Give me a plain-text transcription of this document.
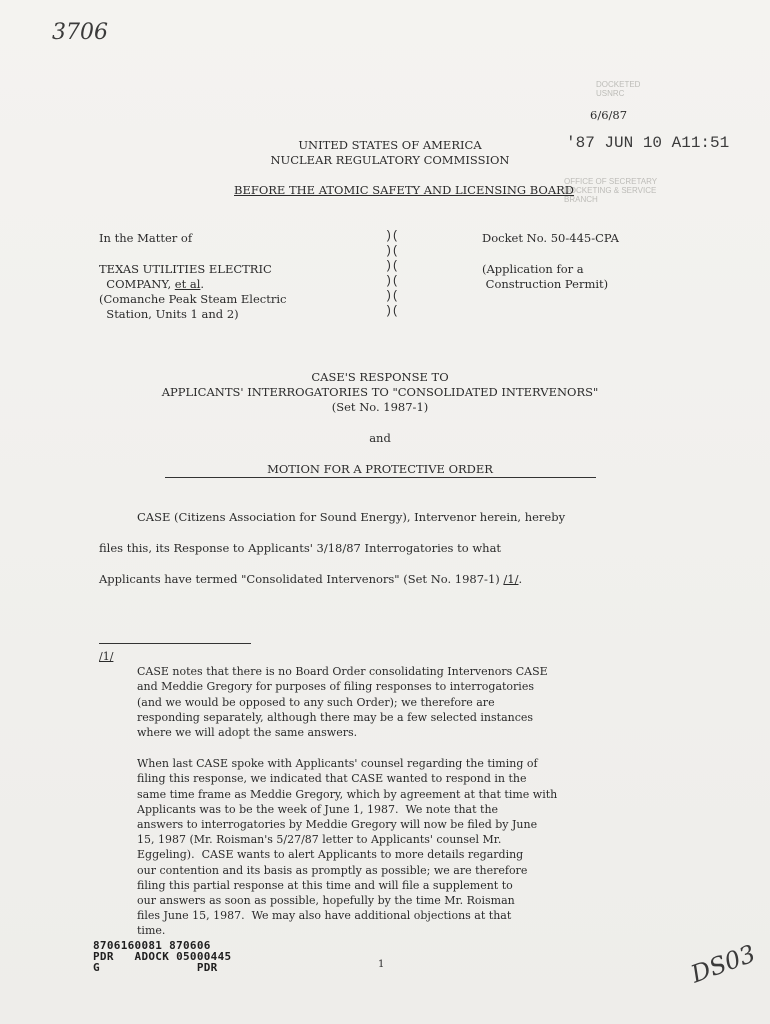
3706
DS03
DOCKETED
USNRC
OFFICE OF SECRETARY
DOCKETING & SERVICE
BRANCH
'87 JUN 10 A11:51
6/6/87
UNITED STATES OF AMERICA
NUCLEAR REGULATORY COMMISSION
BEFORE THE ATOMIC SAFETY AND LICENSING BOARD
In the Matter of
TEXAS UTILITIES ELECTRIC
COMPANY, et al.
(Comanche Peak Steam Electric
Station, Units 1 and 2)
)(
)(
)(
)(
)(
)(
Docket No. 50-445-CPA
(Application for a
Construction Permit)
CASE'S RESPONSE TO
APPLICANTS' INTERROGATORIES TO "CONSOLIDATED INTERVENORS"
(Set No. 1987-1)
and
MOTION FOR A PROTECTIVE ORDER
CASE (Citizens Association for Sound Energy), Intervenor herein, hereby
files this, its Response to Applicants' 3/18/87 Interrogatories to what
Applicants have termed "Consolidated Intervenors" (Set No. 1987-1) /1/.
/1/

CASE notes that there is no Board Order consolidating Intervenors CASE
and Meddie Gregory for purposes of filing responses to interrogatories
(and we would be opposed to any such Order); we therefore are
responding separately, although there may be a few selected instances
where we will adopt the same answers.

When last CASE spoke with Applicants' counsel regarding the timing of
filing this response, we indicated that CASE wanted to respond in the
same time frame as Meddie Gregory, which by agreement at that time with
Applicants was to be the week of June 1, 1987.  We note that the
answers to interrogatories by Meddie Gregory will now be filed by June
15, 1987 (Mr. Roisman's 5/27/87 letter to Applicants' counsel Mr.
Eggeling).  CASE wants to alert Applicants to more details regarding
our contention and its basis as promptly as possible; we are therefore
filing this partial response at this time and will file a supplement to
our answers as soon as possible, hopefully by the time Mr. Roisman
files June 15, 1987.  We may also have additional objections at that
time.

8706160081 870606
PDR   ADOCK 05000445
G              PDR	1
